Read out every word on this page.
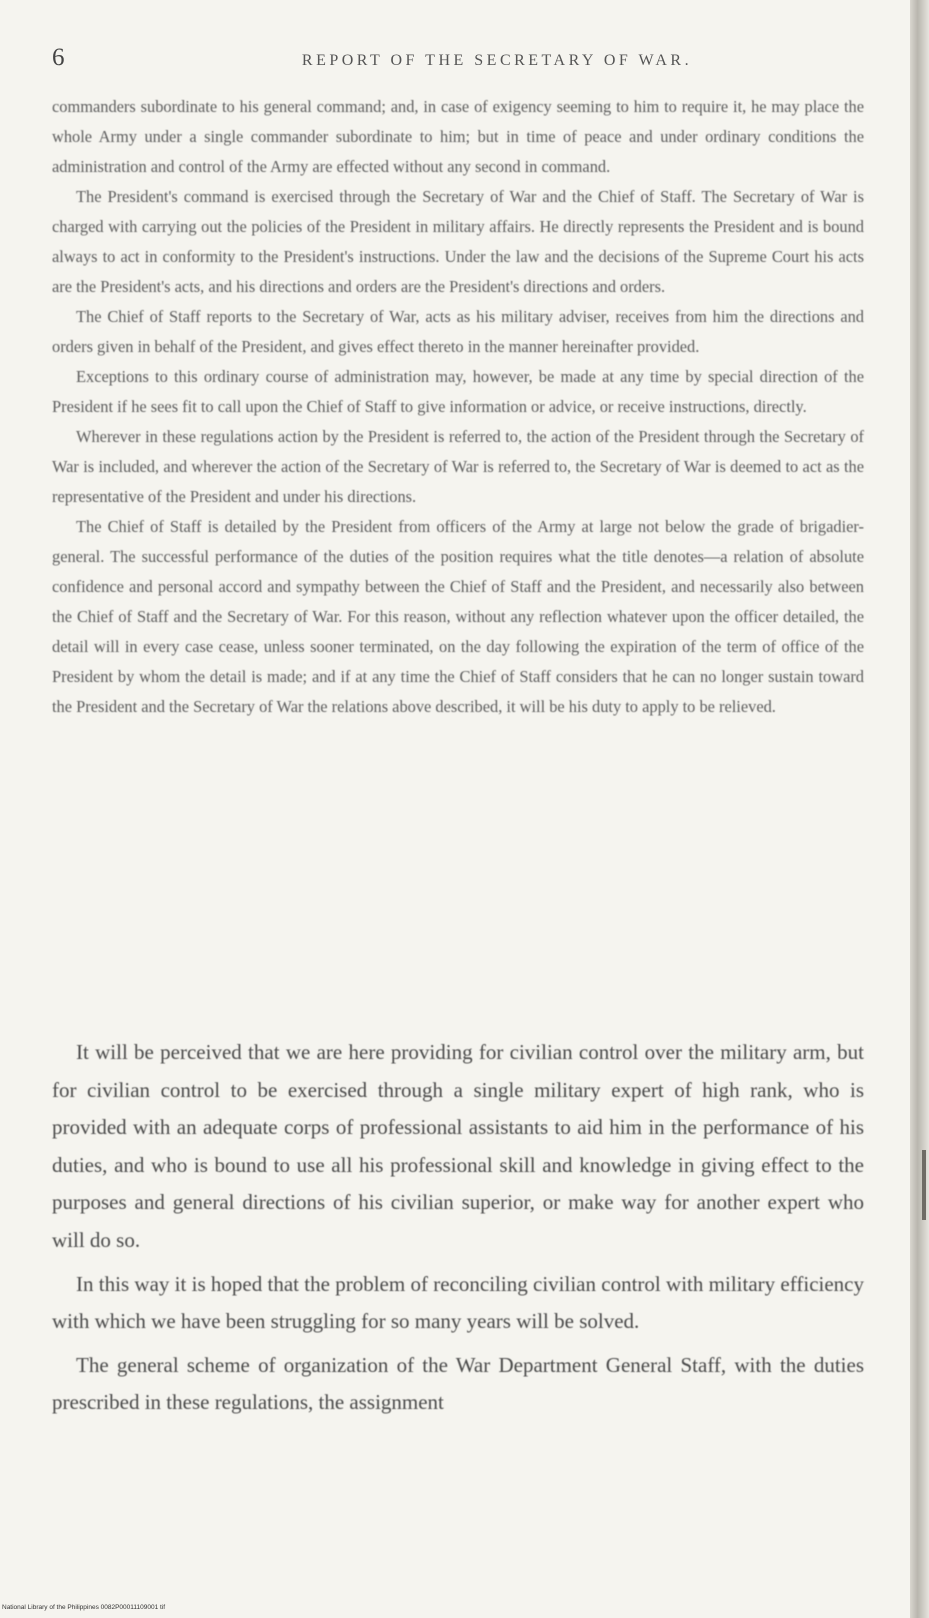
6	REPORT OF THE SECRETARY OF WAR.

commanders subordinate to his general command; and, in case of exigency seeming to him to require it, he may place the whole Army under a single commander subordinate to him; but in time of peace and under ordinary conditions the administration and control of the Army are effected without any second in command.

The President's command is exercised through the Secretary of War and the Chief of Staff. The Secretary of War is charged with carrying out the policies of the President in military affairs. He directly represents the President and is bound always to act in conformity to the President's instructions. Under the law and the decisions of the Supreme Court his acts are the President's acts, and his directions and orders are the President's directions and orders.

The Chief of Staff reports to the Secretary of War, acts as his military adviser, receives from him the directions and orders given in behalf of the President, and gives effect thereto in the manner hereinafter provided.

Exceptions to this ordinary course of administration may, however, be made at any time by special direction of the President if he sees fit to call upon the Chief of Staff to give information or advice, or receive instructions, directly.

Wherever in these regulations action by the President is referred to, the action of the President through the Secretary of War is included, and wherever the action of the Secretary of War is referred to, the Secretary of War is deemed to act as the representative of the President and under his directions.

The Chief of Staff is detailed by the President from officers of the Army at large not below the grade of brigadier-general. The successful performance of the duties of the position requires what the title denotes—a relation of absolute confidence and personal accord and sympathy between the Chief of Staff and the President, and necessarily also between the Chief of Staff and the Secretary of War. For this reason, without any reflection whatever upon the officer detailed, the detail will in every case cease, unless sooner terminated, on the day following the expiration of the term of office of the President by whom the detail is made; and if at any time the Chief of Staff considers that he can no longer sustain toward the President and the Secretary of War the relations above described, it will be his duty to apply to be relieved.

It will be perceived that we are here providing for civilian control over the military arm, but for civilian control to be exercised through a single military expert of high rank, who is provided with an adequate corps of professional assistants to aid him in the performance of his duties, and who is bound to use all his professional skill and knowledge in giving effect to the purposes and general directions of his civilian superior, or make way for another expert who will do so.

In this way it is hoped that the problem of reconciling civilian control with military efficiency with which we have been struggling for so many years will be solved.

The general scheme of organization of the War Department General Staff, with the duties prescribed in these regulations, the assignment

National Library of the Philippines 0082P00011109001 tif
